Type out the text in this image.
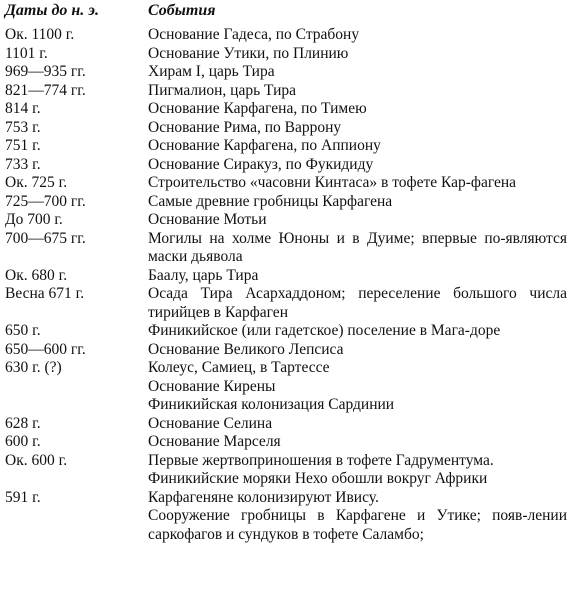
Даты до н. э.	События
Ок. 1100 г.	Основание Гадеса, по Страбону
1101 г.	Основание Утики, по Плинию
969—935 гг.	Хирам I, царь Тира
821—774 гг.	Пигмалион, царь Тира
814 г.	Основание Карфагена, по Тимею
753 г.	Основание Рима, по Варрону
751 г.	Основание Карфагена, по Аппиону
733 г.	Основание Сиракуз, по Фукидиду
Ок. 725 г.	Строительство «часовни Кинтаса» в тофете Кар-фагена
725—700 гг.	Самые древние гробницы Карфагена
До 700 г.	Основание Мотьи
700—675 гг.	Могилы на холме Юноны и в Дуиме; впервые по-являются маски дьявола
Ок. 680 г.	Баалу, царь Тира
Весна 671 г.	Осада Тира Асархаддоном; переселение большого числа тирийцев в Карфаген
650 г.	Финикийское (или гадетское) поселение в Мага-доре
650—600 гг.	Основание Великого Лепсиса
630 г. (?)	Колеус, Самиец, в Тартессе
Основание Кирены
Финикийская колонизация Сардинии
628 г.	Основание Селина
600 г.	Основание Марселя
Ок. 600 г.	Первые жертвоприношения в тофете Гадрументума.
Финикийские моряки Нехо обошли вокруг Африки
591 г.	Карфагеняне колонизируют Ивису.
Сооружение гробницы в Карфагене и Утике; появ-лении саркофагов и сундуков в тофете Саламбо;
